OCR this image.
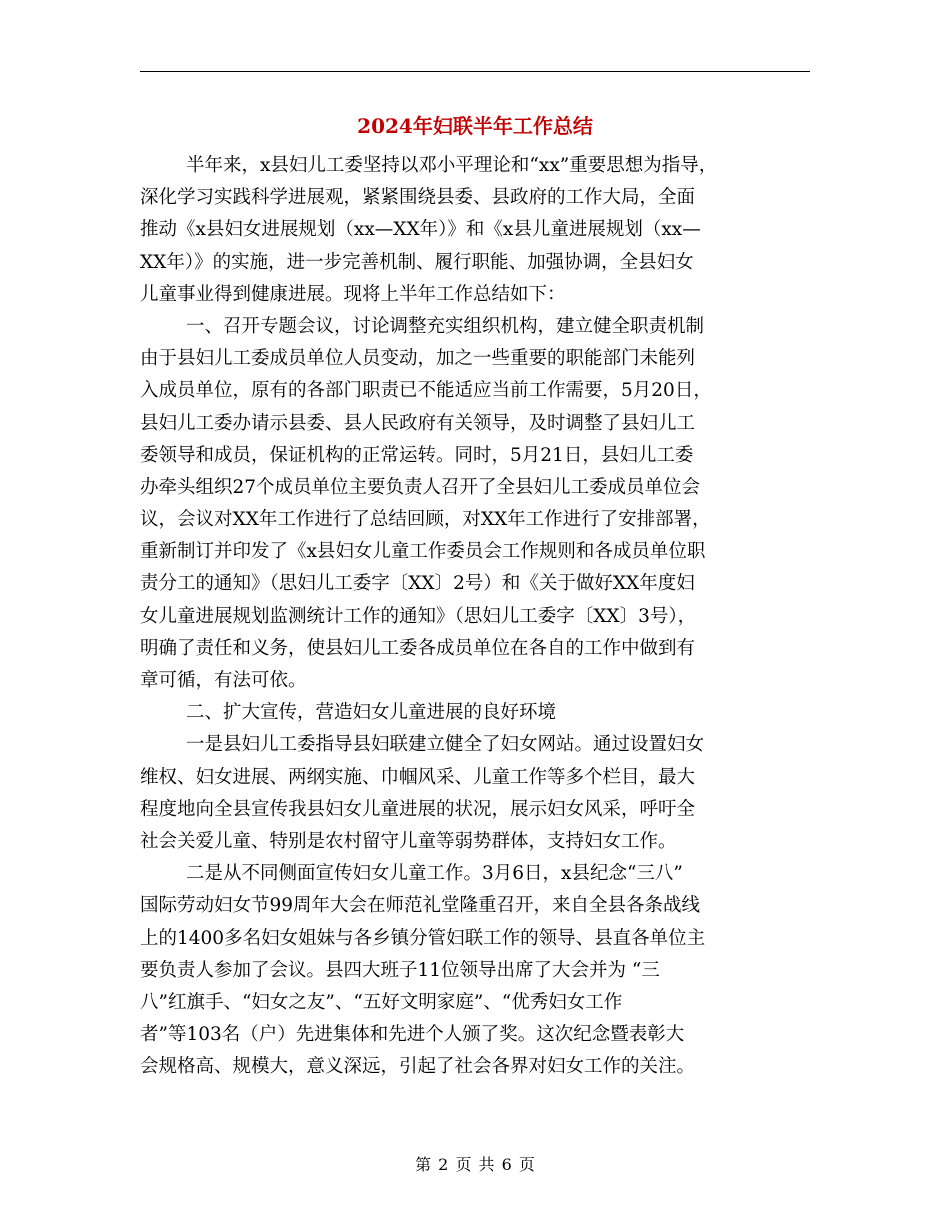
2024年妇联半年工作总结
半年来，x县妇儿工委坚持以邓小平理论和“xx”重要思想为指导，
深化学习实践科学进展观，紧紧围绕县委、县政府的工作大局，全面
推动《x县妇女进展规划（xx—XX年）》和《x县儿童进展规划（xx—
XX年）》的实施，进一步完善机制、履行职能、加强协调，全县妇女
儿童事业得到健康进展。现将上半年工作总结如下：
一、召开专题会议，讨论调整充实组织机构，建立健全职责机制
由于县妇儿工委成员单位人员变动，加之一些重要的职能部门未能列
入成员单位，原有的各部门职责已不能适应当前工作需要，5月20日，
县妇儿工委办请示县委、县人民政府有关领导，及时调整了县妇儿工
委领导和成员，保证机构的正常运转。同时，5月21日，县妇儿工委
办牵头组织27个成员单位主要负责人召开了全县妇儿工委成员单位会
议，会议对XX年工作进行了总结回顾，对XX年工作进行了安排部署，
重新制订并印发了《x县妇女儿童工作委员会工作规则和各成员单位职
责分工的通知》（思妇儿工委字〔XX〕2号）和《关于做好XX年度妇
女儿童进展规划监测统计工作的通知》（思妇儿工委字〔XX〕3号），
明确了责任和义务，使县妇儿工委各成员单位在各自的工作中做到有
章可循，有法可依。
二、扩大宣传，营造妇女儿童进展的良好环境
一是县妇儿工委指导县妇联建立健全了妇女网站。通过设置妇女
维权、妇女进展、两纲实施、巾帼风采、儿童工作等多个栏目，最大
程度地向全县宣传我县妇女儿童进展的状况，展示妇女风采，呼吁全
社会关爱儿童、特别是农村留守儿童等弱势群体，支持妇女工作。
二是从不同侧面宣传妇女儿童工作。3月6日，x县纪念“三八”
国际劳动妇女节99周年大会在师范礼堂隆重召开，来自全县各条战线
上的1400多名妇女姐妹与各乡镇分管妇联工作的领导、县直各单位主
要负责人参加了会议。县四大班子11位领导出席了大会并为 “三
八”红旗手、“妇女之友”、“五好文明家庭”、“优秀妇女工作
者”等103名（户）先进集体和先进个人颁了奖。这次纪念暨表彰大
会规格高、规模大，意义深远，引起了社会各界对妇女工作的关注。
第 2 页 共 6 页
